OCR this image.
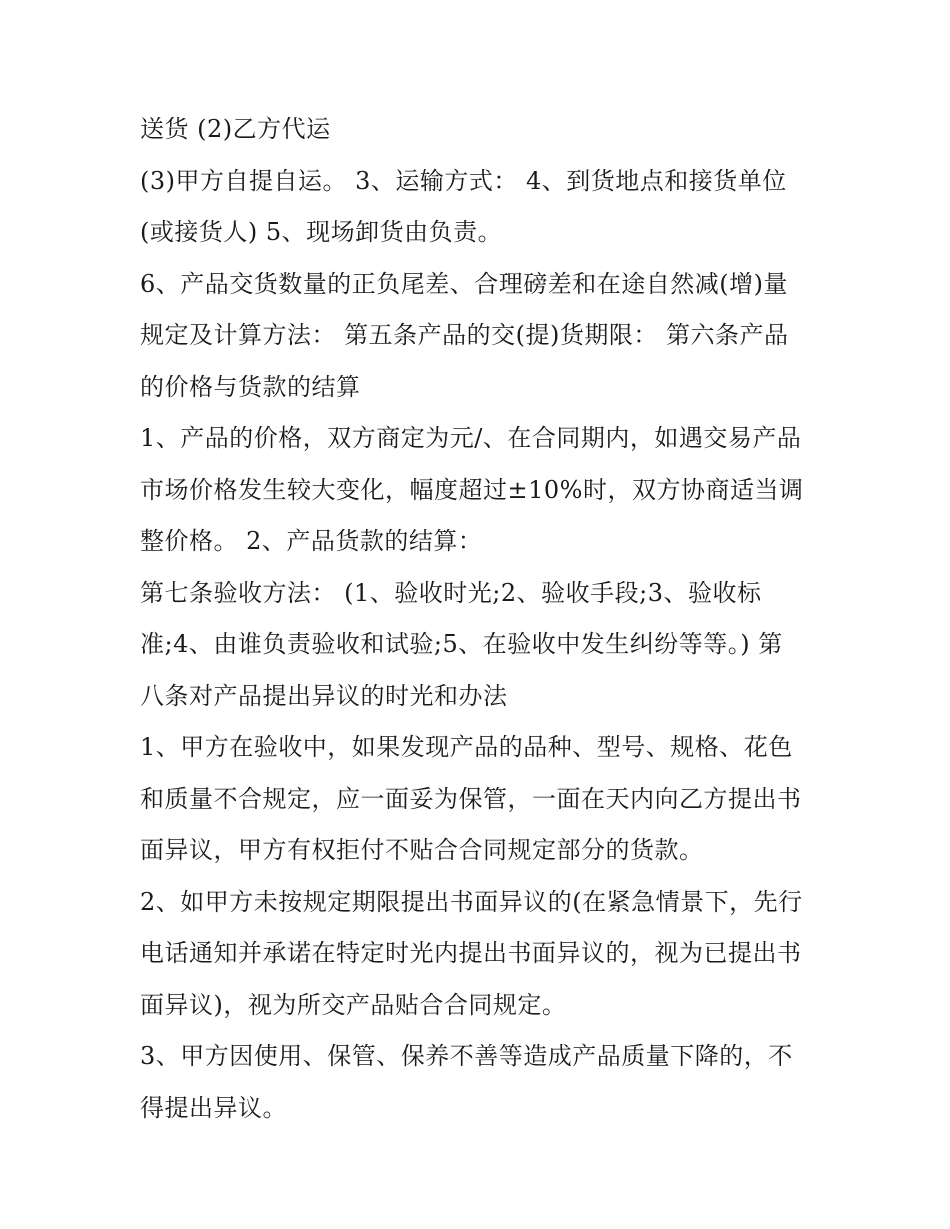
送货 (2)乙方代运
(3)甲方自提自运。 3、运输方式： 4、到货地点和接货单位
(或接货人) 5、现场卸货由负责。
6、产品交货数量的正负尾差、合理磅差和在途自然减(增)量
规定及计算方法： 第五条产品的交(提)货期限： 第六条产品
的价格与货款的结算
1、产品的价格，双方商定为元/、在合同期内，如遇交易产品
市场价格发生较大变化，幅度超过±10%时，双方协商适当调
整价格。 2、产品货款的结算：
第七条验收方法： (1、验收时光;2、验收手段;3、验收标
准;4、由谁负责验收和试验;5、在验收中发生纠纷等等。) 第
八条对产品提出异议的时光和办法
1、甲方在验收中，如果发现产品的品种、型号、规格、花色
和质量不合规定，应一面妥为保管，一面在天内向乙方提出书
面异议，甲方有权拒付不贴合合同规定部分的货款。
2、如甲方未按规定期限提出书面异议的(在紧急情景下，先行
电话通知并承诺在特定时光内提出书面异议的，视为已提出书
面异议)，视为所交产品贴合合同规定。
3、甲方因使用、保管、保养不善等造成产品质量下降的，不
得提出异议。
